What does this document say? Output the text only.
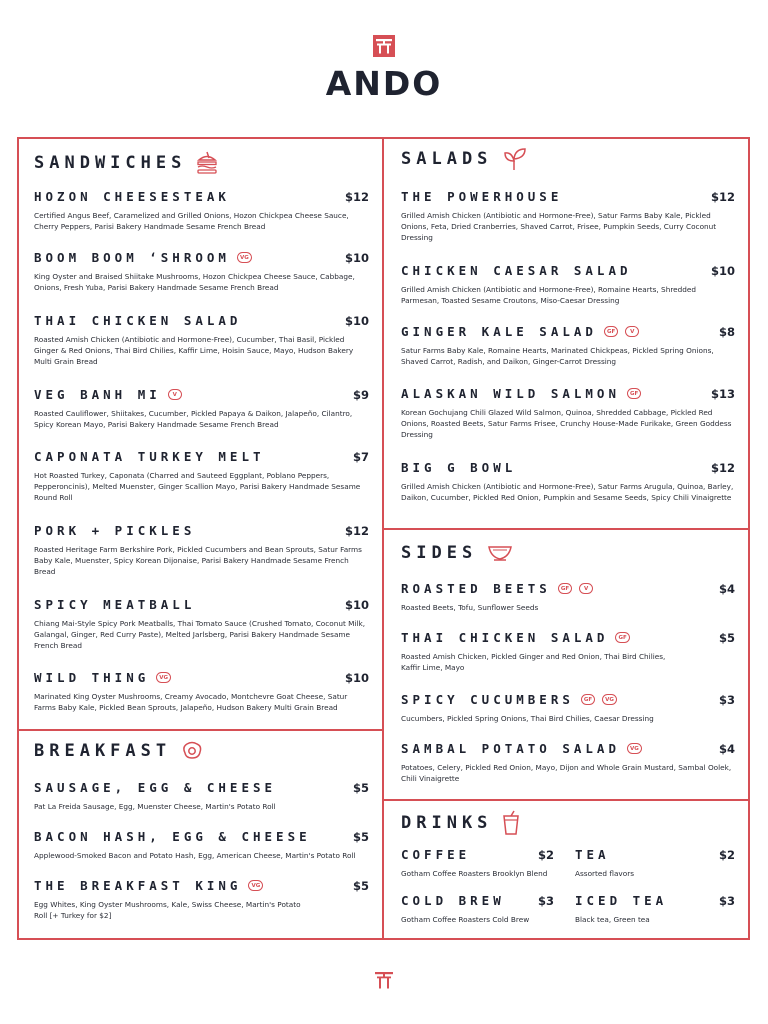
ANDO
SANDWICHES
HOZON CHEESESTEAK	$12
Certified Angus Beef, Caramelized and Grilled Onions, Hozon Chickpea Cheese Sauce, Cherry Peppers, Parisi Bakery Handmade Sesame French Bread
BOOM BOOM ‘SHROOM	VG	$10
King Oyster and Braised Shiitake Mushrooms, Hozon Chickpea Cheese Sauce, Cabbage, Onions, Fresh Yuba, Parisi Bakery Handmade Sesame French Bread
THAI CHICKEN SALAD	$10
Roasted Amish Chicken (Antibiotic and Hormone-Free), Cucumber, Thai Basil, Pickled Ginger & Red Onions, Thai Bird Chilies, Kaffir Lime, Hoisin Sauce, Mayo, Hudson Bakery Multi Grain Bread
VEG BANH MI	V	$9
Roasted Cauliflower, Shiitakes, Cucumber, Pickled Papaya & Daikon, Jalapeño, Cilantro, Spicy Korean Mayo, Parisi Bakery Handmade Sesame French Bread
CAPONATA TURKEY MELT	$7
Hot Roasted Turkey, Caponata (Charred and Sauteed Eggplant, Poblano Peppers, Pepperoncinis), Melted Muenster, Ginger Scallion Mayo, Parisi Bakery Handmade Sesame Round Roll
PORK + PICKLES	$12
Roasted Heritage Farm Berkshire Pork, Pickled Cucumbers and Bean Sprouts, Satur Farms Baby Kale, Muenster, Spicy Korean Dijonaise, Parisi Bakery Handmade Sesame French Bread
SPICY MEATBALL	$10
Chiang Mai-Style Spicy Pork Meatballs, Thai Tomato Sauce (Crushed Tomato, Coconut Milk, Galangal, Ginger, Red Curry Paste), Melted Jarlsberg, Parisi Bakery Handmade Sesame French Bread
WILD THING	VG	$10
Marinated King Oyster Mushrooms, Creamy Avocado, Montchevre Goat Cheese, Satur Farms Baby Kale, Pickled Bean Sprouts, Jalapeño, Hudson Bakery Multi Grain Bread
BREAKFAST
SAUSAGE, EGG & CHEESE	$5
Pat La Freida Sausage, Egg, Muenster Cheese, Martin's Potato Roll
BACON HASH, EGG & CHEESE	$5
Applewood-Smoked Bacon and Potato Hash, Egg, American Cheese, Martin's Potato Roll
THE BREAKFAST KING	VG	$5
Egg Whites, King Oyster Mushrooms, Kale, Swiss Cheese, Martin's Potato Roll [+ Turkey for $2]
SALADS
THE POWERHOUSE	$12
Grilled Amish Chicken (Antibiotic and Hormone-Free), Satur Farms Baby Kale, Pickled Onions, Feta, Dried Cranberries, Shaved Carrot, Frisee, Pumpkin Seeds, Curry Coconut Dressing
CHICKEN CAESAR SALAD	$10
Grilled Amish Chicken (Antibiotic and Hormone-Free), Romaine Hearts, Shredded Parmesan, Toasted Sesame Croutons, Miso-Caesar Dressing
GINGER KALE SALAD	GF	V	$8
Satur Farms Baby Kale, Romaine Hearts, Marinated Chickpeas, Pickled Spring Onions, Shaved Carrot, Radish, and Daikon, Ginger-Carrot Dressing
ALASKAN WILD SALMON	GF	$13
Korean Gochujang Chili Glazed Wild Salmon, Quinoa, Shredded Cabbage, Pickled Red Onions, Roasted Beets, Satur Farms Frisee, Crunchy House-Made Furikake, Green Goddess Dressing
BIG G BOWL	$12
Grilled Amish Chicken (Antibiotic and Hormone-Free), Satur Farms Arugula, Quinoa, Barley, Daikon, Cucumber, Pickled Red Onion, Pumpkin and Sesame Seeds, Spicy Chili Vinaigrette
SIDES
ROASTED BEETS	GF	V	$4
Roasted Beets, Tofu, Sunflower Seeds
THAI CHICKEN SALAD	GF	$5
Roasted Amish Chicken, Pickled Ginger and Red Onion, Thai Bird Chilies, Kaffir Lime, Mayo
SPICY CUCUMBERS	GF	VG	$3
Cucumbers, Pickled Spring Onions, Thai Bird Chilies, Caesar Dressing
SAMBAL POTATO SALAD	VG	$4
Potatoes, Celery, Pickled Red Onion, Mayo, Dijon and Whole Grain Mustard, Sambal Oolek, Chili Vinaigrette
DRINKS
COFFEE	$2
Gotham Coffee Roasters Brooklyn Blend
TEA	$2
Assorted flavors
COLD BREW	$3
Gotham Coffee Roasters Cold Brew
ICED TEA	$3
Black tea, Green tea
